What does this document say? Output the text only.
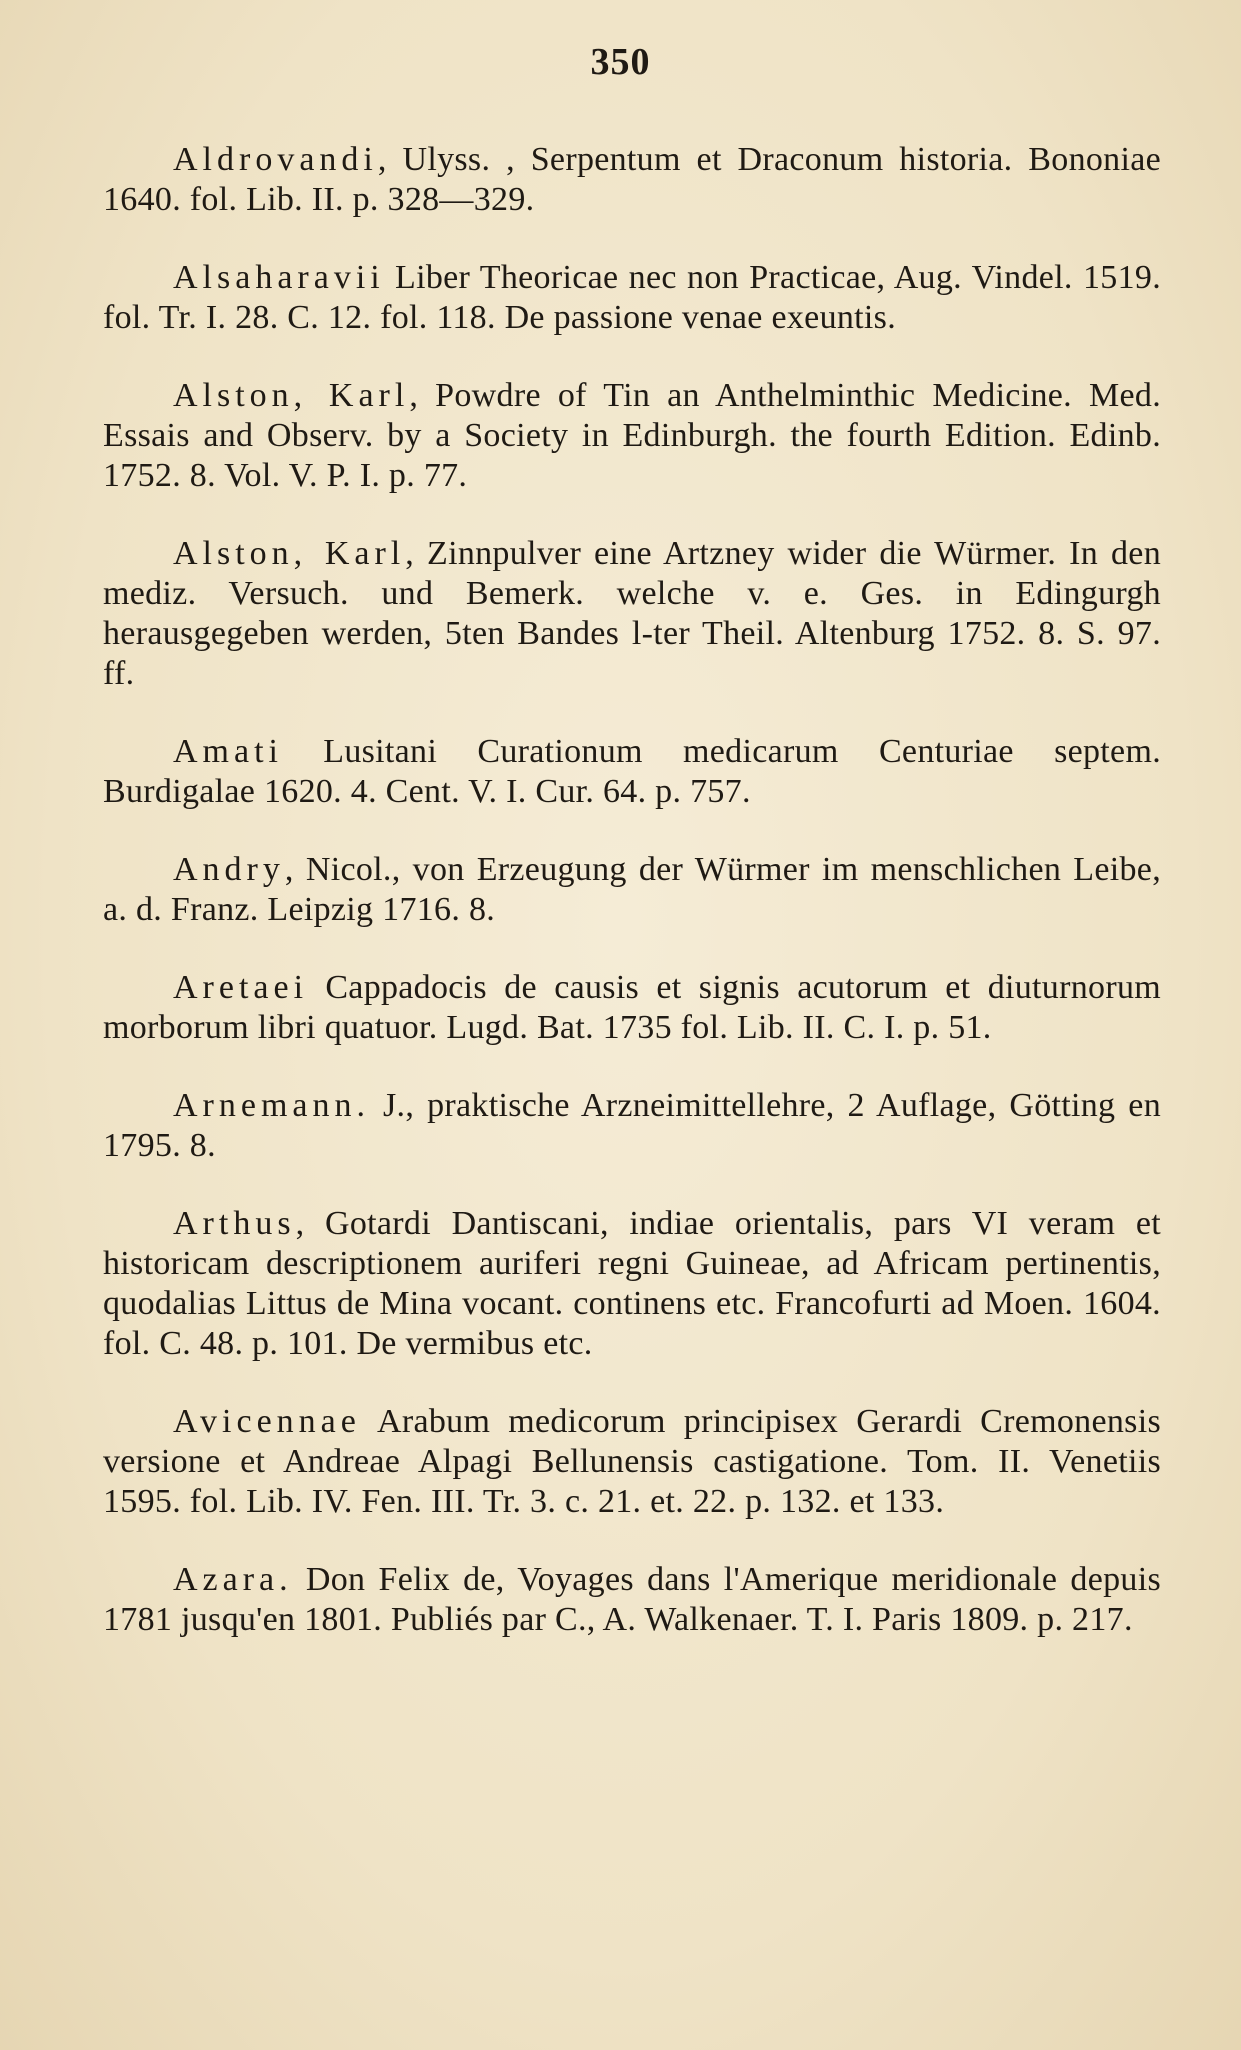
350

Aldrovandi, Ulyss. , Serpentum et Draconum historia. Bononiae 1640. fol. Lib. II. p. 328—329.

Alsaharavii Liber Theoricae nec non Practicae, Aug. Vindel. 1519. fol. Tr. I. 28. C. 12. fol. 118. De passione venae exeuntis.

Alston, Karl, Powdre of Tin an Anthelminthic Medicine. Med. Essais and Observ. by a Society in Edinburgh. the fourth Edition. Edinb. 1752. 8. Vol. V. P. I. p. 77.

Alston, Karl, Zinnpulver eine Artzney wider die Würmer. In den mediz. Versuch. und Bemerk. welche v. e. Ges. in Edingurgh herausgegeben werden, 5ten Bandes l-ter Theil. Altenburg 1752. 8. S. 97. ff.

Amati Lusitani Curationum medicarum Centuriae septem. Burdigalae 1620. 4. Cent. V. I. Cur. 64. p. 757.

Andry, Nicol., von Erzeugung der Würmer im menschlichen Leibe, a. d. Franz. Leipzig 1716. 8.

Aretaei Cappadocis de causis et signis acutorum et diuturnorum morborum libri quatuor. Lugd. Bat. 1735 fol. Lib. II. C. I. p. 51.

Arnemann. J., praktische Arzneimittellehre, 2 Auflage, Götting en 1795. 8.

Arthus, Gotardi Dantiscani, indiae orientalis, pars VI veram et historicam descriptionem auriferi regni Guineae, ad Africam pertinentis, quodalias Littus de Mina vocant. continens etc. Francofurti ad Moen. 1604. fol. C. 48. p. 101. De vermibus etc.

Avicennae Arabum medicorum principisex Gerardi Cremonensis versione et Andreae Alpagi Bellunensis castigatione. Tom. II. Venetiis 1595. fol. Lib. IV. Fen. III. Tr. 3. c. 21. et. 22. p. 132. et 133.

Azara. Don Felix de, Voyages dans l'Amerique meridionale depuis 1781 jusqu'en 1801. Publiés par C., A. Walkenaer. T. I. Paris 1809. p. 217.
